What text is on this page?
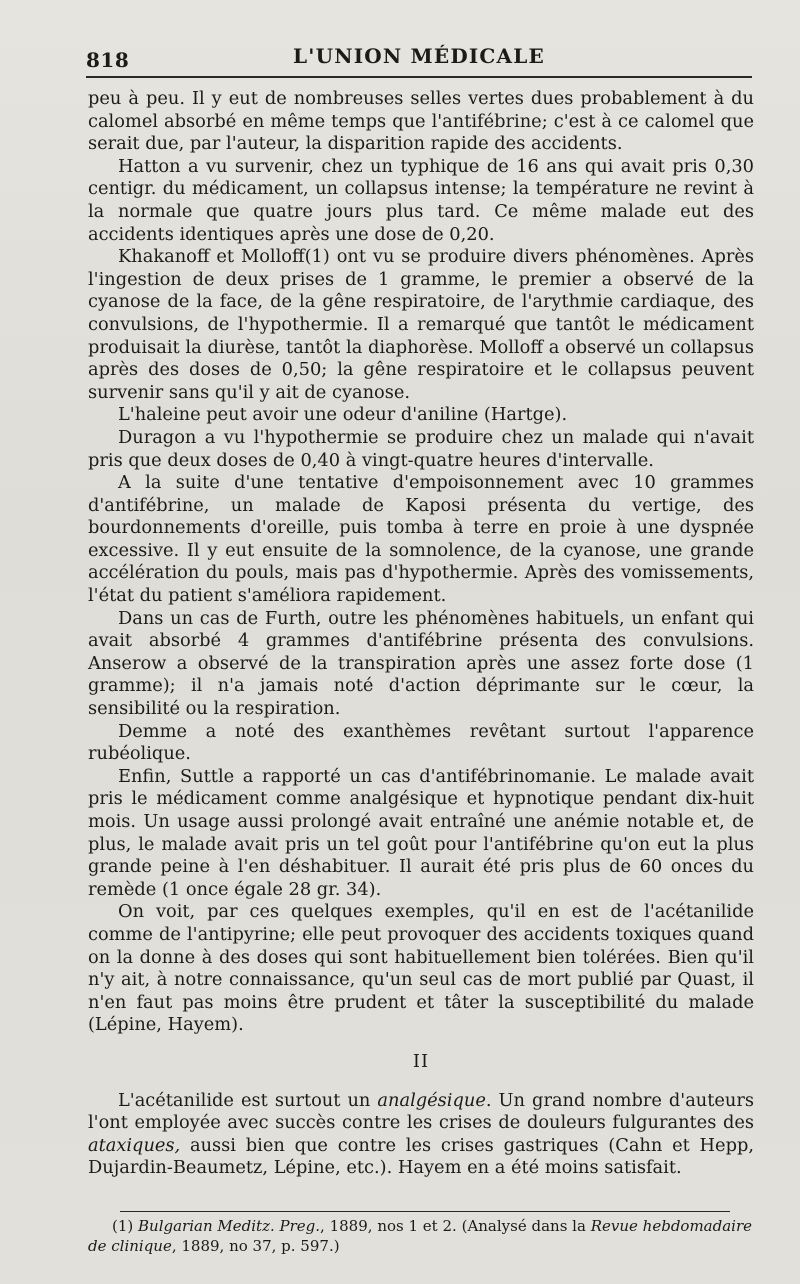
818	L'UNION MÉDICALE

peu à peu. Il y eut de nombreuses selles vertes dues probablement à du calomel absorbé en même temps que l'antifébrine; c'est à ce calomel que serait due, par l'auteur, la disparition rapide des accidents.

Hatton a vu survenir, chez un typhique de 16 ans qui avait pris 0,30 centigr. du médicament, un collapsus intense; la température ne revint à la normale que quatre jours plus tard. Ce même malade eut des accidents identiques après une dose de 0,20.

Khakanoff et Molloff(1) ont vu se produire divers phénomènes. Après l'ingestion de deux prises de 1 gramme, le premier a observé de la cyanose de la face, de la gêne respiratoire, de l'arythmie cardiaque, des convulsions, de l'hypothermie. Il a remarqué que tantôt le médicament produisait la diurèse, tantôt la diaphorèse. Molloff a observé un collapsus après des doses de 0,50; la gêne respiratoire et le collapsus peuvent survenir sans qu'il y ait de cyanose.

L'haleine peut avoir une odeur d'aniline (Hartge).

Duragon a vu l'hypothermie se produire chez un malade qui n'avait pris que deux doses de 0,40 à vingt-quatre heures d'intervalle.

A la suite d'une tentative d'empoisonnement avec 10 grammes d'antifébrine, un malade de Kaposi présenta du vertige, des bourdonnements d'oreille, puis tomba à terre en proie à une dyspnée excessive. Il y eut ensuite de la somnolence, de la cyanose, une grande accélération du pouls, mais pas d'hypothermie. Après des vomissements, l'état du patient s'améliora rapidement.

Dans un cas de Furth, outre les phénomènes habituels, un enfant qui avait absorbé 4 grammes d'antifébrine présenta des convulsions. Anserow a observé de la transpiration après une assez forte dose (1 gramme); il n'a jamais noté d'action déprimante sur le cœur, la sensibilité ou la respiration.

Demme a noté des exanthèmes revêtant surtout l'apparence rubéolique.

Enfin, Suttle a rapporté un cas d'antifébrinomanie. Le malade avait pris le médicament comme analgésique et hypnotique pendant dix-huit mois. Un usage aussi prolongé avait entraîné une anémie notable et, de plus, le malade avait pris un tel goût pour l'antifébrine qu'on eut la plus grande peine à l'en déshabituer. Il aurait été pris plus de 60 onces du remède (1 once égale 28 gr. 34).

On voit, par ces quelques exemples, qu'il en est de l'acétanilide comme de l'antipyrine; elle peut provoquer des accidents toxiques quand on la donne à des doses qui sont habituellement bien tolérées. Bien qu'il n'y ait, à notre connaissance, qu'un seul cas de mort publié par Quast, il n'en faut pas moins être prudent et tâter la susceptibilité du malade (Lépine, Hayem).

II

L'acétanilide est surtout un analgésique. Un grand nombre d'auteurs l'ont employée avec succès contre les crises de douleurs fulgurantes des ataxiques, aussi bien que contre les crises gastriques (Cahn et Hepp, Dujardin-Beaumetz, Lépine, etc.). Hayem en a été moins satisfait.

(1) Bulgarian Meditz. Preg., 1889, nos 1 et 2. (Analysé dans la Revue hebdomadaire de clinique, 1889, no 37, p. 597.)
